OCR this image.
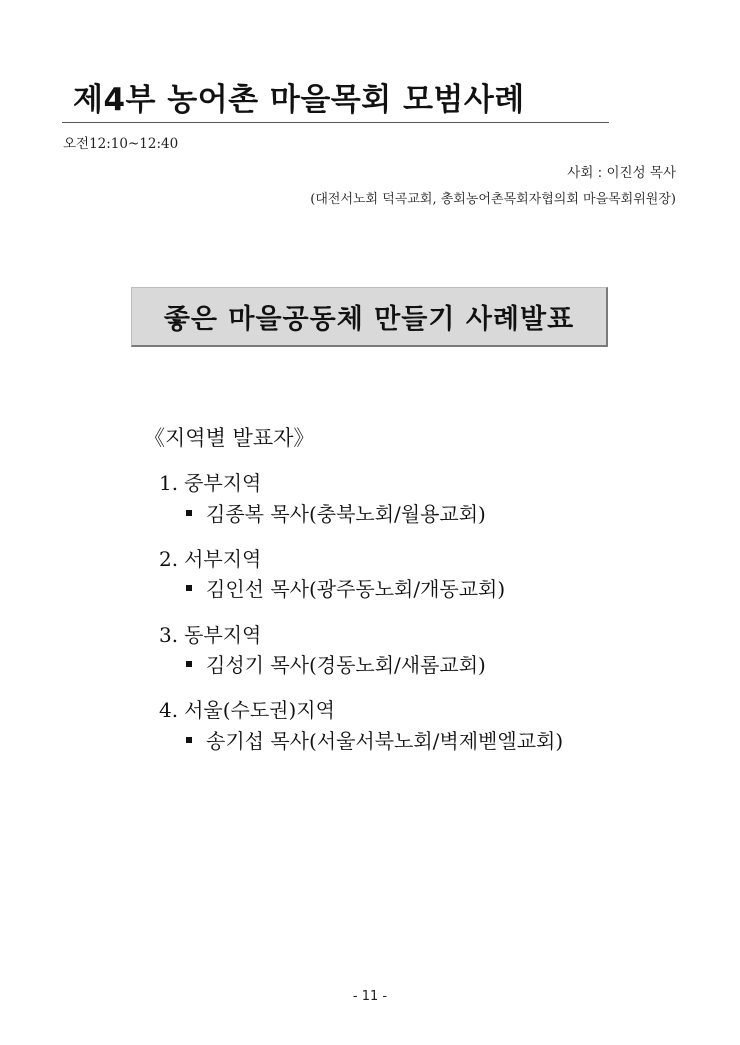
제4부 농어촌 마을목회 모범사례
오전12:10~12:40
사회 : 이진성 목사
(대전서노회 덕곡교회, 총회농어촌목회자협의회 마을목회위원장)
좋은 마을공동체 만들기 사례발표
《지역별 발표자》
1. 중부지역
김종복 목사(충북노회/월용교회)
2. 서부지역
김인선 목사(광주동노회/개동교회)
3. 동부지역
김성기 목사(경동노회/새롬교회)
4. 서울(수도권)지역
송기섭 목사(서울서북노회/벽제벧엘교회)
- 11 -
